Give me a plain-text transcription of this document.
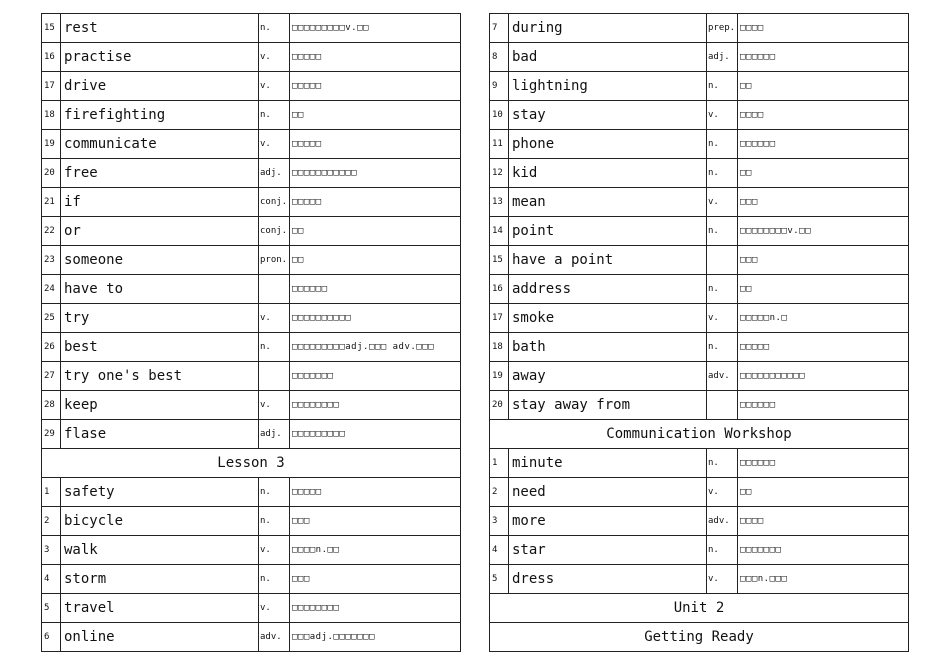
15	rest	n.	□□□□□□□□□v.□□
16	practise	v.	□□□□□
17	drive	v.	□□□□□
18	firefighting	n.	□□
19	communicate	v.	□□□□□
20	free	adj.	□□□□□□□□□□□
21	if	conj.	□□□□□
22	or	conj.	□□
23	someone	pron.	□□
24	have to		□□□□□□
25	try	v.	□□□□□□□□□□
26	best	n.	□□□□□□□□□adj.□□□ adv.□□□
27	try one's best		□□□□□□□
28	keep	v.	□□□□□□□□
29	flase	adj.	□□□□□□□□□
Lesson 3			
1	safety	n.	□□□□□
2	bicycle	n.	□□□
3	walk	v.	□□□□n.□□
4	storm	n.	□□□
5	travel	v.	□□□□□□□□
6	online	adv.	□□□adj.□□□□□□□
7	during	prep.	□□□□
8	bad	adj.	□□□□□□
9	lightning	n.	□□
10	stay	v.	□□□□
11	phone	n.	□□□□□□
12	kid	n.	□□
13	mean	v.	□□□
14	point	n.	□□□□□□□□v.□□
15	have a point		□□□
16	address	n.	□□
17	smoke	v.	□□□□□n.□
18	bath	n.	□□□□□
19	away	adv.	□□□□□□□□□□□
20	stay away from		□□□□□□
Communication Workshop			
1	minute	n.	□□□□□□
2	need	v.	□□
3	more	adv.	□□□□
4	star	n.	□□□□□□□
5	dress	v.	□□□n.□□□
Unit 2			
Getting Ready			
